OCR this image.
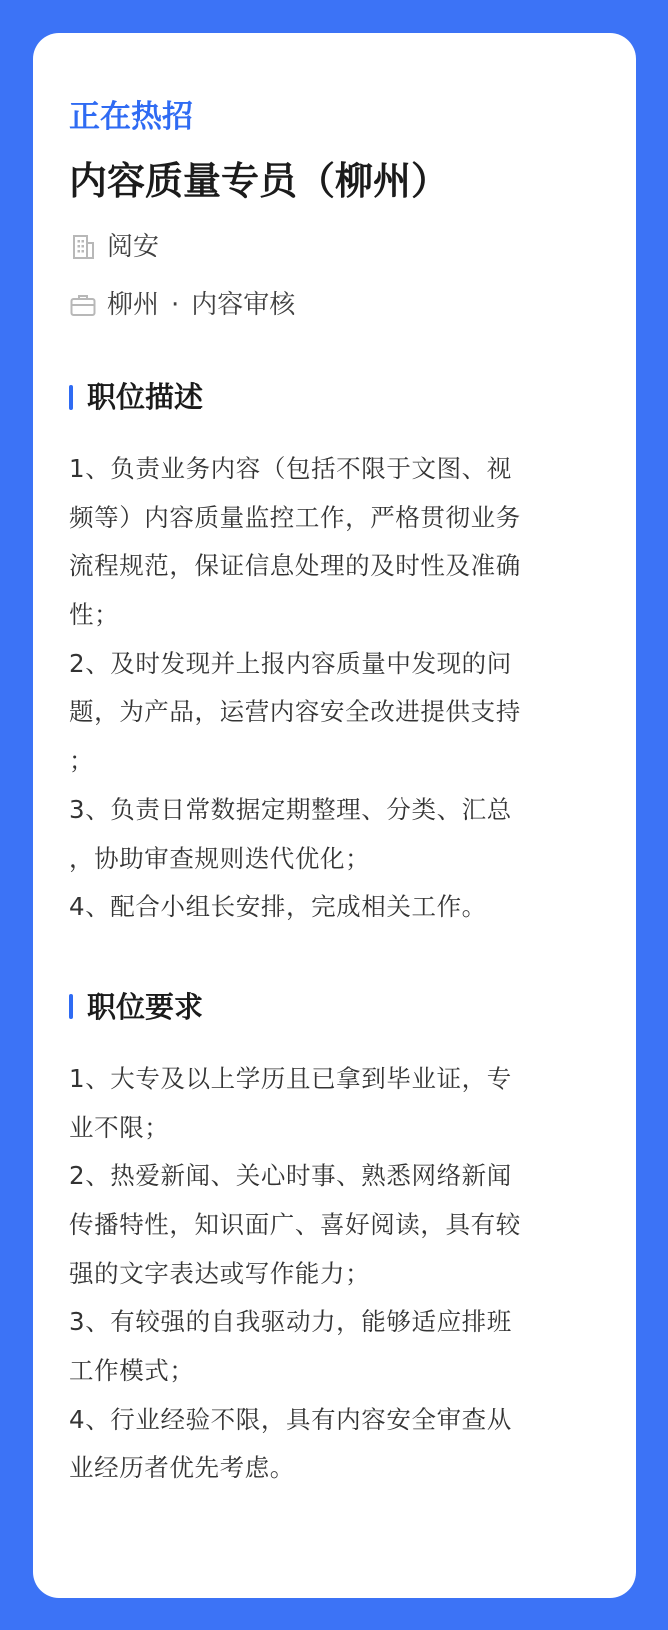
正在热招
内容质量专员（柳州）
阅安
柳州 · 内容审核
职位描述
1、负责业务内容（包括不限于文图、视
频等）内容质量监控工作，严格贯彻业务
流程规范，保证信息处理的及时性及准确
性；
2、及时发现并上报内容质量中发现的问
题，为产品，运营内容安全改进提供支持
；
3、负责日常数据定期整理、分类、汇总
，协助审查规则迭代优化；
4、配合小组长安排，完成相关工作。
职位要求
1、大专及以上学历且已拿到毕业证，专
业不限；
2、热爱新闻、关心时事、熟悉网络新闻
传播特性，知识面广、喜好阅读，具有较
强的文字表达或写作能力；
3、有较强的自我驱动力，能够适应排班
工作模式；
4、行业经验不限，具有内容安全审查从
业经历者优先考虑。
